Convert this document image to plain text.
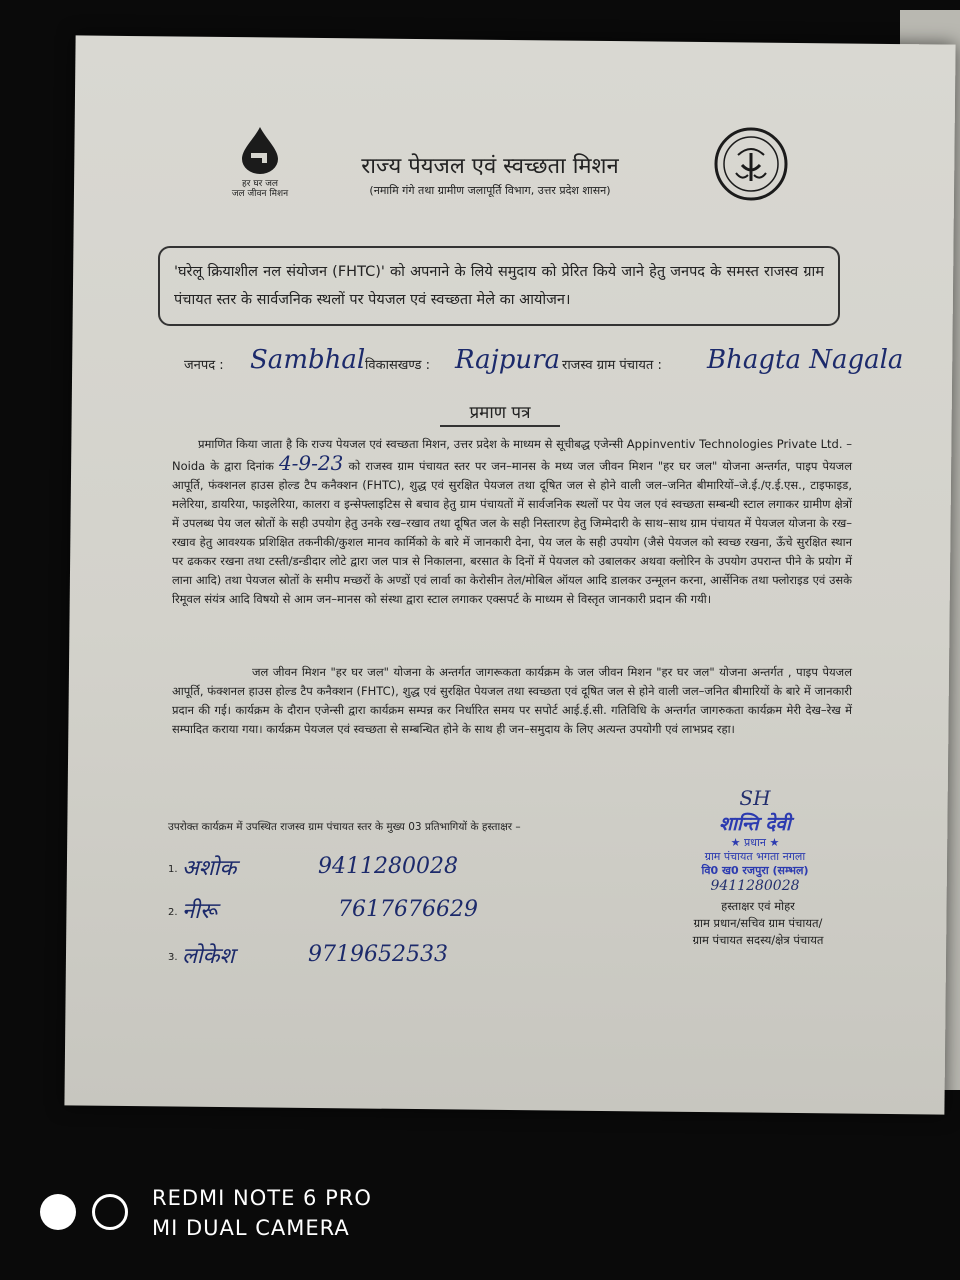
हर घर जल
जल जीवन मिशन
राज्य पेयजल एवं स्वच्छता मिशन
(नमामि गंगे तथा ग्रामीण जलापूर्ति विभाग, उत्तर प्रदेश शासन)
'घरेलू क्रियाशील नल संयोजन (FHTC)' को अपनाने के लिये समुदाय को प्रेरित किये जाने हेतु जनपद के समस्त राजस्व ग्राम पंचायत स्तर के सार्वजनिक स्थलों पर पेयजल एवं स्वच्छता मेले का आयोजन।
जनपद : Sambhal विकासखण्ड : Rajpura राजस्व ग्राम पंचायत : Bhagta Nagala
प्रमाण पत्र
प्रमाणित किया जाता है कि राज्य पेयजल एवं स्वच्छता मिशन, उत्तर प्रदेश के माध्यम से सूचीबद्ध एजेन्सी Appinventiv Technologies Private Ltd. – Noida के द्वारा दिनांक 4-9-23 को राजस्व ग्राम पंचायत स्तर पर जन–मानस के मध्य जल जीवन मिशन "हर घर जल" योजना अन्तर्गत, पाइप पेयजल आपूर्ति, फंक्शनल हाउस होल्ड टैप कनैक्शन (FHTC), शुद्ध एवं सुरक्षित पेयजल तथा दूषित जल से होने वाली जल–जनित बीमारियों–जे.ई./ए.ई.एस., टाइफाइड, मलेरिया, डायरिया, फाइलेरिया, कालरा व इन्सेफ्लाइटिस से बचाव हेतु ग्राम पंचायतों में सार्वजनिक स्थलों पर पेय जल एवं स्वच्छता सम्बन्धी स्टाल लगाकर ग्रामीण क्षेत्रों में उपलब्ध पेय जल स्रोतों के सही उपयोग हेतु उनके रख–रखाव तथा दूषित जल के सही निस्तारण हेतु जिम्मेदारी के साथ–साथ ग्राम पंचायत में पेयजल योजना के रख–रखाव हेतु आवश्यक प्रशिक्षित तकनीकी/कुशल मानव कार्मिको के बारे में जानकारी देना, पेय जल के सही उपयोग (जैसे पेयजल को स्वच्छ रखना, ऊँचे सुरक्षित स्थान पर ढककर रखना तथा टस्ती/डन्डीदार लोटे द्वारा जल पात्र से निकालना, बरसात के दिनों में पेयजल को उबालकर अथवा क्लोरिन के उपयोग उपरान्त पीने के प्रयोग में लाना आदि) तथा पेयजल स्रोतों के समीप मच्छरों के अण्डों एवं लार्वा का केरोसीन तेल/मोबिल ऑयल आदि डालकर उन्मूलन करना, आर्सेनिक तथा फ्लोराइड एवं उसके रिमूवल संयंत्र आदि विषयो से आम जन–मानस को संस्था द्वारा स्टाल लगाकर एक्सपर्ट के माध्यम से विस्तृत जानकारी प्रदान की गयी।
जल जीवन मिशन "हर घर जल" योजना के अन्तर्गत जागरूकता कार्यक्रम के जल जीवन मिशन "हर घर जल" योजना अन्तर्गत , पाइप पेयजल आपूर्ति, फंक्शनल हाउस होल्ड टैप कनैक्शन (FHTC), शुद्ध एवं सुरक्षित पेयजल तथा स्वच्छता एवं दूषित जल से होने वाली जल–जनित बीमारियों के बारे में जानकारी प्रदान की गई। कार्यक्रम के दौरान एजेन्सी द्वारा कार्यक्रम सम्पन्न कर निर्धारित समय पर सपोर्ट आई.ई.सी. गतिविधि के अन्तर्गत जागरुकता कार्यक्रम मेरी देख–रेख में सम्पादित कराया गया। कार्यक्रम पेयजल एवं स्वच्छता से सम्बन्धित होने के साथ ही जन–समुदाय के लिए अत्यन्त उपयोगी एवं लाभप्रद रहा।
उपरोक्त कार्यक्रम में उपस्थित राजस्व ग्राम पंचायत स्तर के मुख्य 03 प्रतिभागियों के हस्ताक्षर –
1. अशोक	9411280028
2. नीरू	7617676629
3. लोकेश	9719652533
SH
शान्ति देवी
★ प्रधान ★
ग्राम पंचायत भगता नगला
वि0 ख0 रजपुरा (सम्भल)
9411280028
हस्ताक्षर एवं मोहर
ग्राम प्रधान/सचिव ग्राम पंचायत/
ग्राम पंचायत सदस्य/क्षेत्र पंचायत
REDMI NOTE 6 PRO
MI DUAL CAMERA
